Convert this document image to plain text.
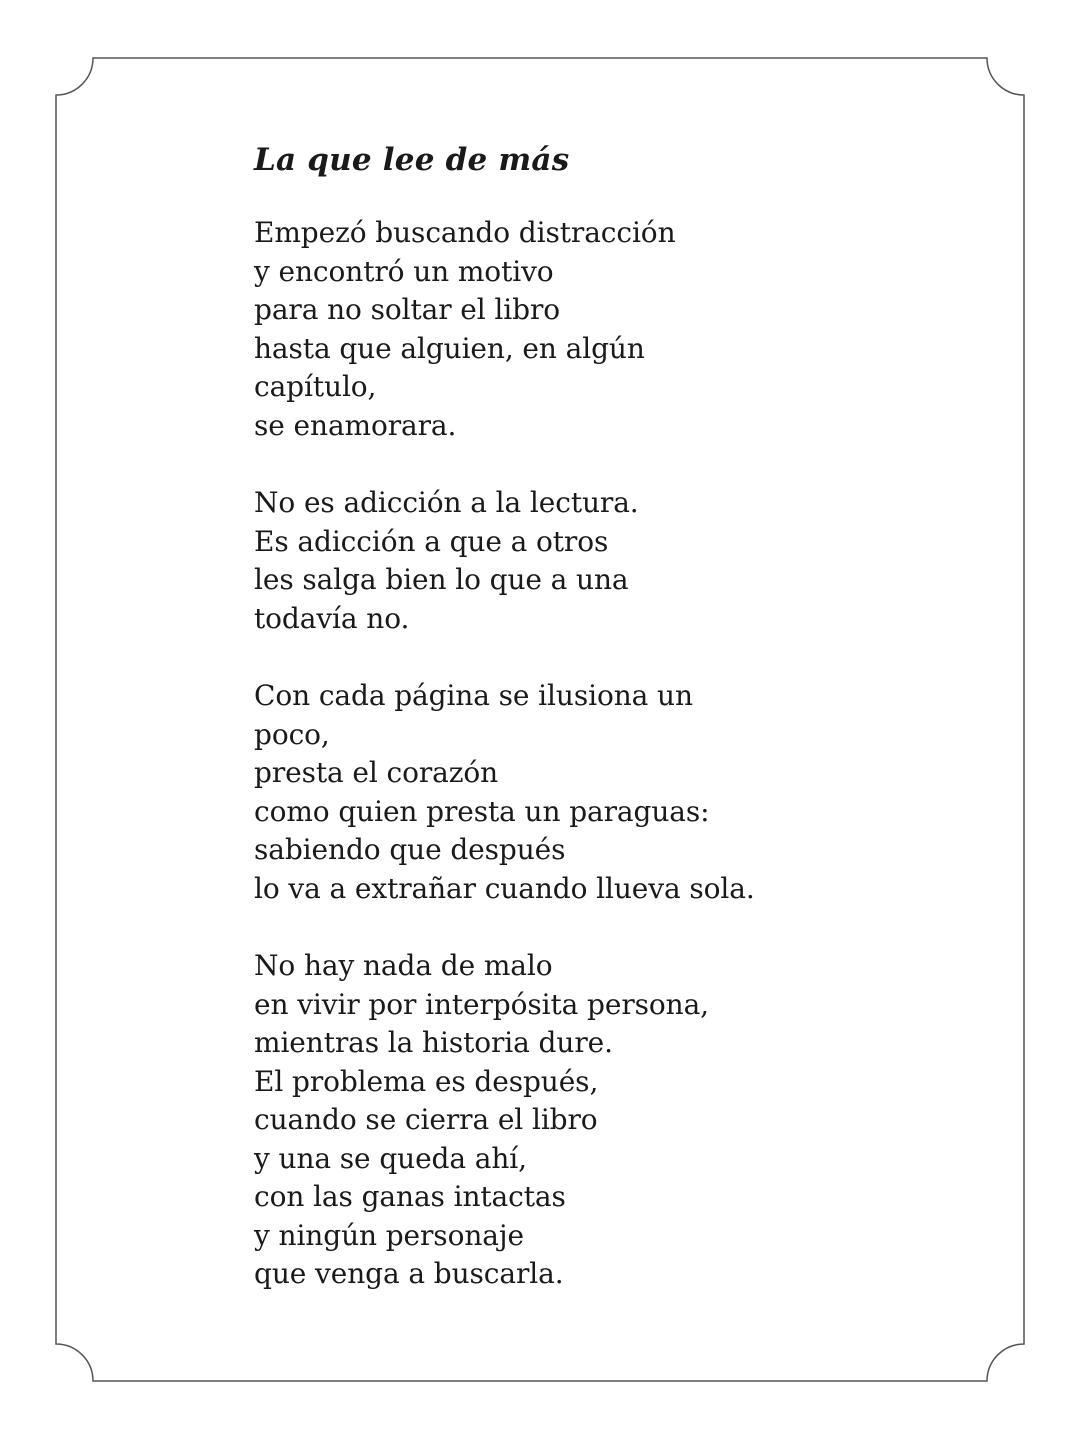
La que lee de más
Empezó buscando distracción
y encontró un motivo
para no soltar el libro
hasta que alguien, en algún
capítulo,
se enamorara.
No es adicción a la lectura.
Es adicción a que a otros
les salga bien lo que a una
todavía no.
Con cada página se ilusiona un
poco,
presta el corazón
como quien presta un paraguas:
sabiendo que después
lo va a extrañar cuando llueva sola.
No hay nada de malo
en vivir por interpósita persona,
mientras la historia dure.
El problema es después,
cuando se cierra el libro
y una se queda ahí,
con las ganas intactas
y ningún personaje
que venga a buscarla.
